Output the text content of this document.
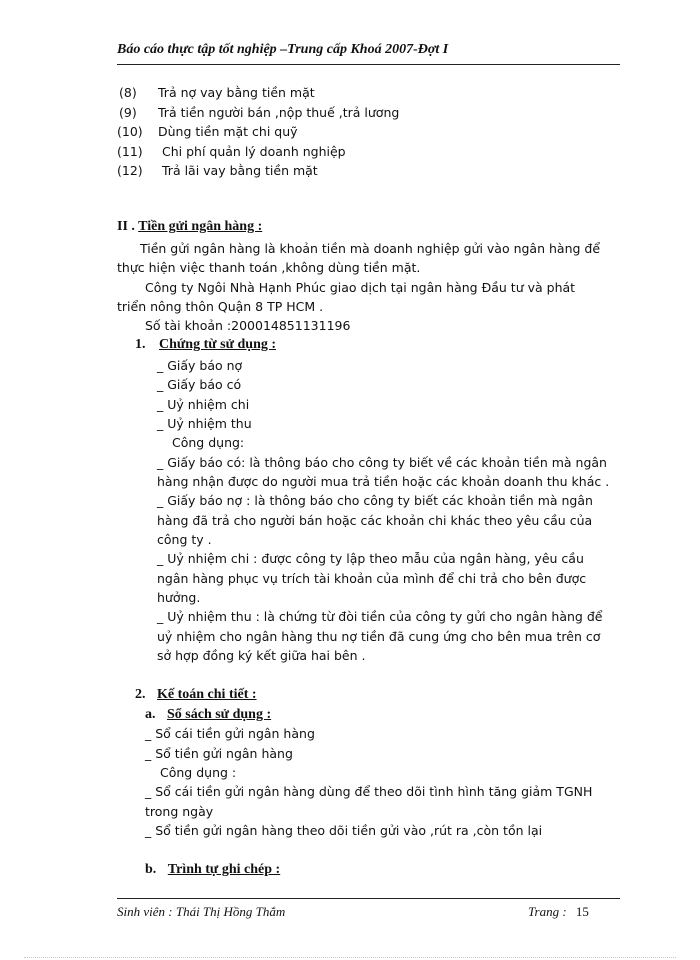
Báo cáo thực tập tốt nghiệp –Trung cấp Khoá 2007-Đợt I
(8) Trả nợ vay bằng tiền mặt
(9) Trả tiền người bán ,nộp thuế ,trả lương
(10) Dùng tiền mặt chi quỹ
(11) Chi phí quản lý doanh nghiệp
(12) Trả lãi vay bằng tiền mặt
II . Tiền gửi ngân hàng :
Tiền gửi ngân hàng là khoản tiền mà doanh nghiệp gửi vào ngân hàng để
thực hiện việc thanh toán ,không dùng tiền mặt.
Công ty Ngôi Nhà Hạnh Phúc giao dịch tại ngân hàng Đầu tư và phát
triển nông thôn Quận 8 TP HCM .
Số tài khoản :200014851131196
1. Chứng từ sử dụng :
_ Giấy báo nợ
_ Giấy báo có
_ Uỷ nhiệm chi
_ Uỷ nhiệm thu
Công dụng:
_ Giấy báo có: là thông báo cho công ty biết về các khoản tiền mà ngân
hàng nhận được do người mua trả tiền hoặc các khoản doanh thu khác .
_ Giấy báo nợ : là thông báo cho công ty biết các khoản tiền mà ngân
hàng đã trả cho người bán hoặc các khoản chi khác theo yêu cầu của
công ty .
_ Uỷ nhiệm chi : được công ty lập theo mẫu của ngân hàng, yêu cầu
ngân hàng phục vụ trích tài khoản của mình để chi trả cho bên được
hưởng.
_ Uỷ nhiệm thu : là chứng từ đòi tiền của công ty gửi cho ngân hàng để
uỷ nhiệm cho ngân hàng thu nợ tiền đã cung ứng cho bên mua trên cơ
sở hợp đồng ký kết giữa hai bên .
2. Kế toán chi tiết :
a. Sổ sách sử dụng :
_ Sổ cái tiền gửi ngân hàng
_ Sổ tiền gửi ngân hàng
Công dụng :
_ Sổ cái tiền gửi ngân hàng dùng để theo dõi tình hình tăng giảm TGNH
trong ngày
_ Sổ tiền gửi ngân hàng theo dõi tiền gửi vào ,rút ra ,còn tồn lại
b. Trình tự ghi chép :
Sinh viên : Thái Thị Hồng Thắm	Trang : 15
